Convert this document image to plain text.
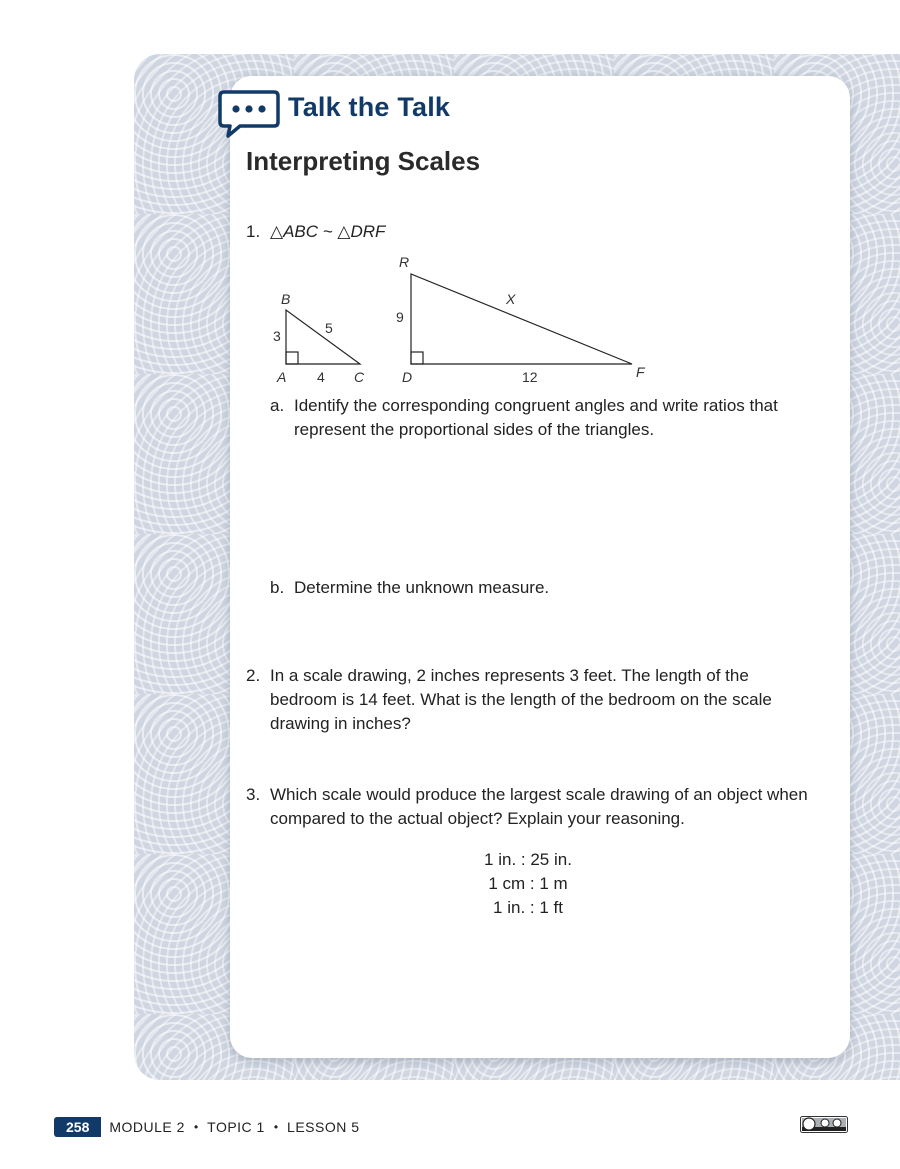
Talk the Talk
Interpreting Scales
1. △ABC ~ △DRF
B
A	C
3	5
4
R
D	F
9
X
12
a. Identify the corresponding congruent angles and write ratios that represent the proportional sides of the triangles.
b. Determine the unknown measure.
2. In a scale drawing, 2 inches represents 3 feet. The length of the bedroom is 14 feet. What is the length of the bedroom on the scale drawing in inches?
3. Which scale would produce the largest scale drawing of an object when compared to the actual object? Explain your reasoning.
1 in. : 25 in.
1 cm : 1 m
1 in. : 1 ft
258	MODULE 2 • TOPIC 1 • LESSON 5
